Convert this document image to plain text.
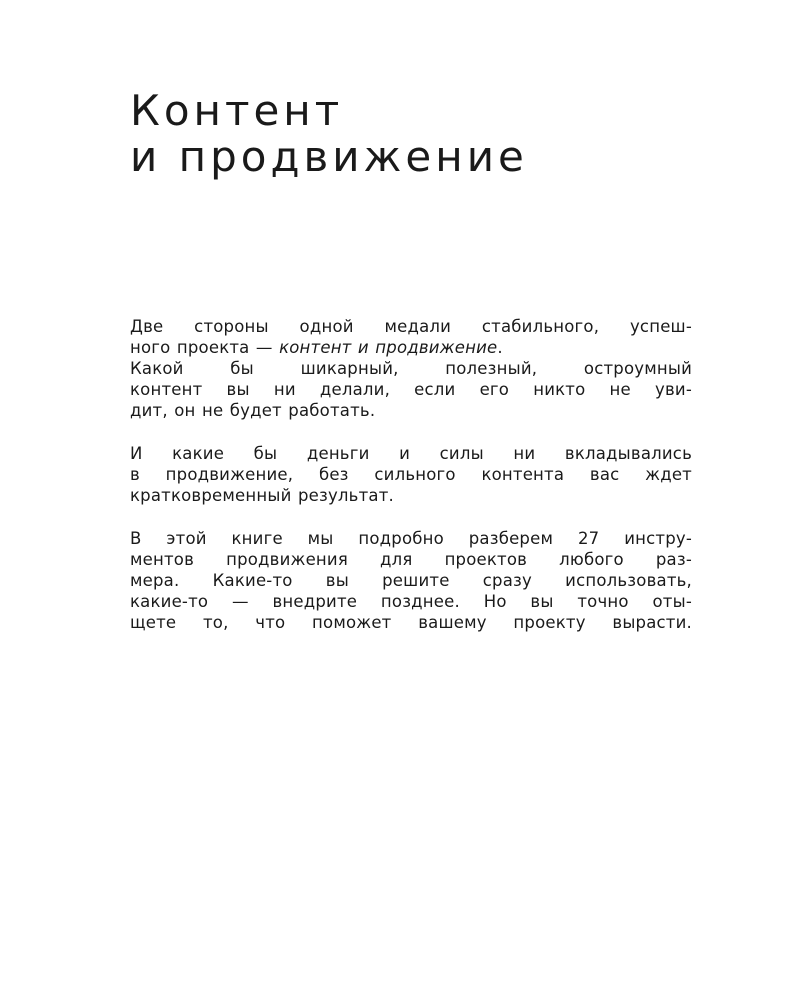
Контент
и продвижение

Две стороны одной медали стабильного, успеш-
ного проекта — контент и продвижение.
Какой бы шикарный, полезный, остроумный
контент вы ни делали, если его никто не уви-
дит, он не будет работать.

И какие бы деньги и силы ни вкладывались
в продвижение, без сильного контента вас ждет
кратковременный результат.

В этой книге мы подробно разберем 27 инстру-
ментов продвижения для проектов любого раз-
мера. Какие-то вы решите сразу использовать,
какие-то — внедрите позднее. Но вы точно оты-
щете то, что поможет вашему проекту вырасти.
